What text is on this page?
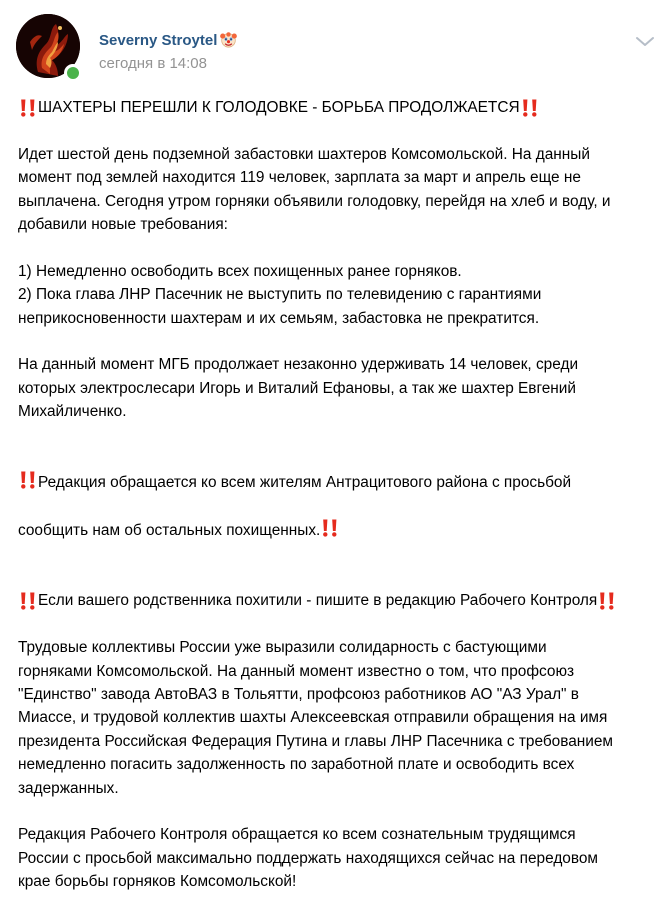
Severny Stroytel
сегодня в 14:08
ШАХТЕРЫ ПЕРЕШЛИ К ГОЛОДОВКЕ - БОРЬБА ПРОДОЛЖАЕТСЯ
Идет шестой день подземной забастовки шахтеров Комсомольской. На данный
момент под землей находится 119 человек, зарплата за март и апрель еще не
выплачена. Сегодня утром горняки объявили голодовку, перейдя на хлеб и воду, и
добавили новые требования:
1) Немедленно освободить всех похищенных ранее горняков.
2) Пока глава ЛНР Пасечник не выступить по телевидению с гарантиями
неприкосновенности шахтерам и их семьям, забастовка не прекратится.
На данный момент МГБ продолжает незаконно удерживать 14 человек, среди
которых электрослесари Игорь и Виталий Ефановы, а так же шахтер Евгений
Михайличенко.

Редакция обращается ко всем жителям Антрацитового района с просьбой

сообщить нам об остальных похищенных.

Если вашего родственника похитили - пишите в редакцию Рабочего Контроля
Трудовые коллективы России уже выразили солидарность с бастующими
горняками Комсомольской. На данный момент известно о том, что профсоюз
"Единство" завода АвтоВАЗ в Тольятти, профсоюз работников АО "АЗ Урал" в
Миассе, и трудовой коллектив шахты Алексеевская отправили обращения на имя
президента Российская Федерация Путина и главы ЛНР Пасечника с требованием
немедленно погасить задолженность по заработной плате и освободить всех
задержанных.
Редакция Рабочего Контроля обращается ко всем сознательным трудящимся
России с просьбой максимально поддержать находящихся сейчас на передовом
крае борьбы горняков Комсомольской!
